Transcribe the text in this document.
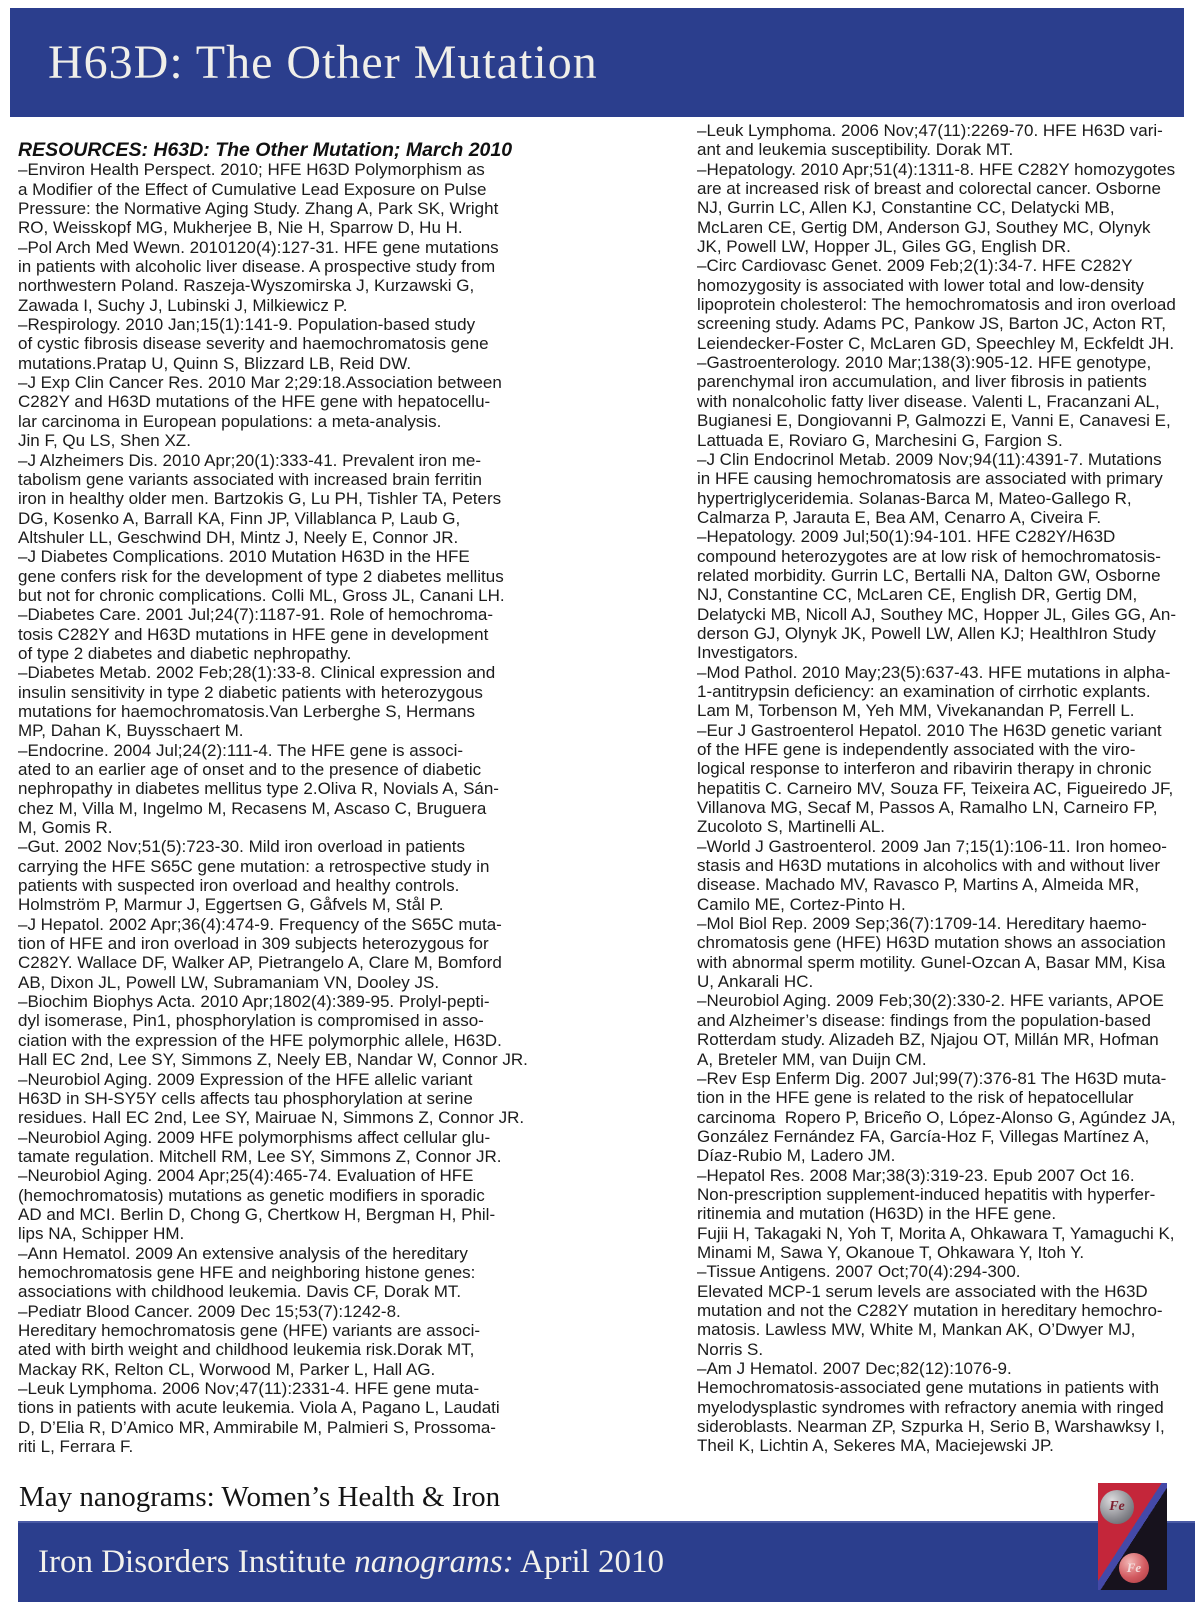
H63D: The Other Mutation
RESOURCES: H63D: The Other Mutation; March 2010
–Environ Health Perspect. 2010; HFE H63D Polymorphism as
a Modifier of the Effect of Cumulative Lead Exposure on Pulse
Pressure: the Normative Aging Study. Zhang A, Park SK, Wright
RO, Weisskopf MG, Mukherjee B, Nie H, Sparrow D, Hu H.
–Pol Arch Med Wewn. 2010120(4):127-31. HFE gene mutations
in patients with alcoholic liver disease. A prospective study from
northwestern Poland. Raszeja-Wyszomirska J, Kurzawski G,
Zawada I, Suchy J, Lubinski J, Milkiewicz P.
–Respirology. 2010 Jan;15(1):141-9. Population-based study
of cystic fibrosis disease severity and haemochromatosis gene
mutations.Pratap U, Quinn S, Blizzard LB, Reid DW.
–J Exp Clin Cancer Res. 2010 Mar 2;29:18.Association between
C282Y and H63D mutations of the HFE gene with hepatocellu-
lar carcinoma in European populations: a meta-analysis.
Jin F, Qu LS, Shen XZ.
–J Alzheimers Dis. 2010 Apr;20(1):333-41. Prevalent iron me-
tabolism gene variants associated with increased brain ferritin
iron in healthy older men. Bartzokis G, Lu PH, Tishler TA, Peters
DG, Kosenko A, Barrall KA, Finn JP, Villablanca P, Laub G,
Altshuler LL, Geschwind DH, Mintz J, Neely E, Connor JR.
–J Diabetes Complications. 2010 Mutation H63D in the HFE
gene confers risk for the development of type 2 diabetes mellitus
but not for chronic complications. Colli ML, Gross JL, Canani LH.
–Diabetes Care. 2001 Jul;24(7):1187-91. Role of hemochroma-
tosis C282Y and H63D mutations in HFE gene in development
of type 2 diabetes and diabetic nephropathy.
–Diabetes Metab. 2002 Feb;28(1):33-8. Clinical expression and
insulin sensitivity in type 2 diabetic patients with heterozygous
mutations for haemochromatosis.Van Lerberghe S, Hermans
MP, Dahan K, Buysschaert M.
–Endocrine. 2004 Jul;24(2):111-4. The HFE gene is associ-
ated to an earlier age of onset and to the presence of diabetic
nephropathy in diabetes mellitus type 2.Oliva R, Novials A, Sán-
chez M, Villa M, Ingelmo M, Recasens M, Ascaso C, Bruguera
M, Gomis R.
–Gut. 2002 Nov;51(5):723-30. Mild iron overload in patients
carrying the HFE S65C gene mutation: a retrospective study in
patients with suspected iron overload and healthy controls.
Holmström P, Marmur J, Eggertsen G, Gåfvels M, Stål P.
–J Hepatol. 2002 Apr;36(4):474-9. Frequency of the S65C muta-
tion of HFE and iron overload in 309 subjects heterozygous for
C282Y. Wallace DF, Walker AP, Pietrangelo A, Clare M, Bomford
AB, Dixon JL, Powell LW, Subramaniam VN, Dooley JS.
–Biochim Biophys Acta. 2010 Apr;1802(4):389-95. Prolyl-pepti-
dyl isomerase, Pin1, phosphorylation is compromised in asso-
ciation with the expression of the HFE polymorphic allele, H63D.
Hall EC 2nd, Lee SY, Simmons Z, Neely EB, Nandar W, Connor JR.
–Neurobiol Aging. 2009 Expression of the HFE allelic variant
H63D in SH-SY5Y cells affects tau phosphorylation at serine
residues. Hall EC 2nd, Lee SY, Mairuae N, Simmons Z, Connor JR.
–Neurobiol Aging. 2009 HFE polymorphisms affect cellular glu-
tamate regulation. Mitchell RM, Lee SY, Simmons Z, Connor JR.
–Neurobiol Aging. 2004 Apr;25(4):465-74. Evaluation of HFE
(hemochromatosis) mutations as genetic modifiers in sporadic
AD and MCI. Berlin D, Chong G, Chertkow H, Bergman H, Phil-
lips NA, Schipper HM.
–Ann Hematol. 2009 An extensive analysis of the hereditary
hemochromatosis gene HFE and neighboring histone genes:
associations with childhood leukemia. Davis CF, Dorak MT.
–Pediatr Blood Cancer. 2009 Dec 15;53(7):1242-8.
Hereditary hemochromatosis gene (HFE) variants are associ-
ated with birth weight and childhood leukemia risk.Dorak MT,
Mackay RK, Relton CL, Worwood M, Parker L, Hall AG.
–Leuk Lymphoma. 2006 Nov;47(11):2331-4. HFE gene muta-
tions in patients with acute leukemia. Viola A, Pagano L, Laudati
D, D’Elia R, D’Amico MR, Ammirabile M, Palmieri S, Prossoma-
riti L, Ferrara F.
–Leuk Lymphoma. 2006 Nov;47(11):2269-70. HFE H63D vari-
ant and leukemia susceptibility. Dorak MT.
–Hepatology. 2010 Apr;51(4):1311-8. HFE C282Y homozygotes
are at increased risk of breast and colorectal cancer. Osborne
NJ, Gurrin LC, Allen KJ, Constantine CC, Delatycki MB,
McLaren CE, Gertig DM, Anderson GJ, Southey MC, Olynyk
JK, Powell LW, Hopper JL, Giles GG, English DR.
–Circ Cardiovasc Genet. 2009 Feb;2(1):34-7. HFE C282Y
homozygosity is associated with lower total and low-density
lipoprotein cholesterol: The hemochromatosis and iron overload
screening study. Adams PC, Pankow JS, Barton JC, Acton RT,
Leiendecker-Foster C, McLaren GD, Speechley M, Eckfeldt JH.
–Gastroenterology. 2010 Mar;138(3):905-12. HFE genotype,
parenchymal iron accumulation, and liver fibrosis in patients
with nonalcoholic fatty liver disease. Valenti L, Fracanzani AL,
Bugianesi E, Dongiovanni P, Galmozzi E, Vanni E, Canavesi E,
Lattuada E, Roviaro G, Marchesini G, Fargion S.
–J Clin Endocrinol Metab. 2009 Nov;94(11):4391-7. Mutations
in HFE causing hemochromatosis are associated with primary
hypertriglyceridemia. Solanas-Barca M, Mateo-Gallego R,
Calmarza P, Jarauta E, Bea AM, Cenarro A, Civeira F.
–Hepatology. 2009 Jul;50(1):94-101. HFE C282Y/H63D
compound heterozygotes are at low risk of hemochromatosis-
related morbidity. Gurrin LC, Bertalli NA, Dalton GW, Osborne
NJ, Constantine CC, McLaren CE, English DR, Gertig DM,
Delatycki MB, Nicoll AJ, Southey MC, Hopper JL, Giles GG, An-
derson GJ, Olynyk JK, Powell LW, Allen KJ; HealthIron Study
Investigators.
–Mod Pathol. 2010 May;23(5):637-43. HFE mutations in alpha-
1-antitrypsin deficiency: an examination of cirrhotic explants.
Lam M, Torbenson M, Yeh MM, Vivekanandan P, Ferrell L.
–Eur J Gastroenterol Hepatol. 2010 The H63D genetic variant
of the HFE gene is independently associated with the viro-
logical response to interferon and ribavirin therapy in chronic
hepatitis C. Carneiro MV, Souza FF, Teixeira AC, Figueiredo JF,
Villanova MG, Secaf M, Passos A, Ramalho LN, Carneiro FP,
Zucoloto S, Martinelli AL.
–World J Gastroenterol. 2009 Jan 7;15(1):106-11. Iron homeo-
stasis and H63D mutations in alcoholics with and without liver
disease. Machado MV, Ravasco P, Martins A, Almeida MR,
Camilo ME, Cortez-Pinto H.
–Mol Biol Rep. 2009 Sep;36(7):1709-14. Hereditary haemo-
chromatosis gene (HFE) H63D mutation shows an association
with abnormal sperm motility. Gunel-Ozcan A, Basar MM, Kisa
U, Ankarali HC.
–Neurobiol Aging. 2009 Feb;30(2):330-2. HFE variants, APOE
and Alzheimer’s disease: findings from the population-based
Rotterdam study. Alizadeh BZ, Njajou OT, Millán MR, Hofman
A, Breteler MM, van Duijn CM.
–Rev Esp Enferm Dig. 2007 Jul;99(7):376-81 The H63D muta-
tion in the HFE gene is related to the risk of hepatocellular
carcinoma  Ropero P, Briceño O, López-Alonso G, Agúndez JA,
González Fernández FA, García-Hoz F, Villegas Martínez A,
Díaz-Rubio M, Ladero JM.
–Hepatol Res. 2008 Mar;38(3):319-23. Epub 2007 Oct 16.
Non-prescription supplement-induced hepatitis with hyperfer-
ritinemia and mutation (H63D) in the HFE gene.
Fujii H, Takagaki N, Yoh T, Morita A, Ohkawara T, Yamaguchi K,
Minami M, Sawa Y, Okanoue T, Ohkawara Y, Itoh Y.
–Tissue Antigens. 2007 Oct;70(4):294-300.
Elevated MCP-1 serum levels are associated with the H63D
mutation and not the C282Y mutation in hereditary hemochro-
matosis. Lawless MW, White M, Mankan AK, O’Dwyer MJ,
Norris S.
–Am J Hematol. 2007 Dec;82(12):1076-9.
Hemochromatosis-associated gene mutations in patients with
myelodysplastic syndromes with refractory anemia with ringed
sideroblasts. Nearman ZP, Szpurka H, Serio B, Warshawksy I,
Theil K, Lichtin A, Sekeres MA, Maciejewski JP.
May nanograms: Women’s Health & Iron
Iron Disorders Institute nanograms: April 2010
Fe
Fe
